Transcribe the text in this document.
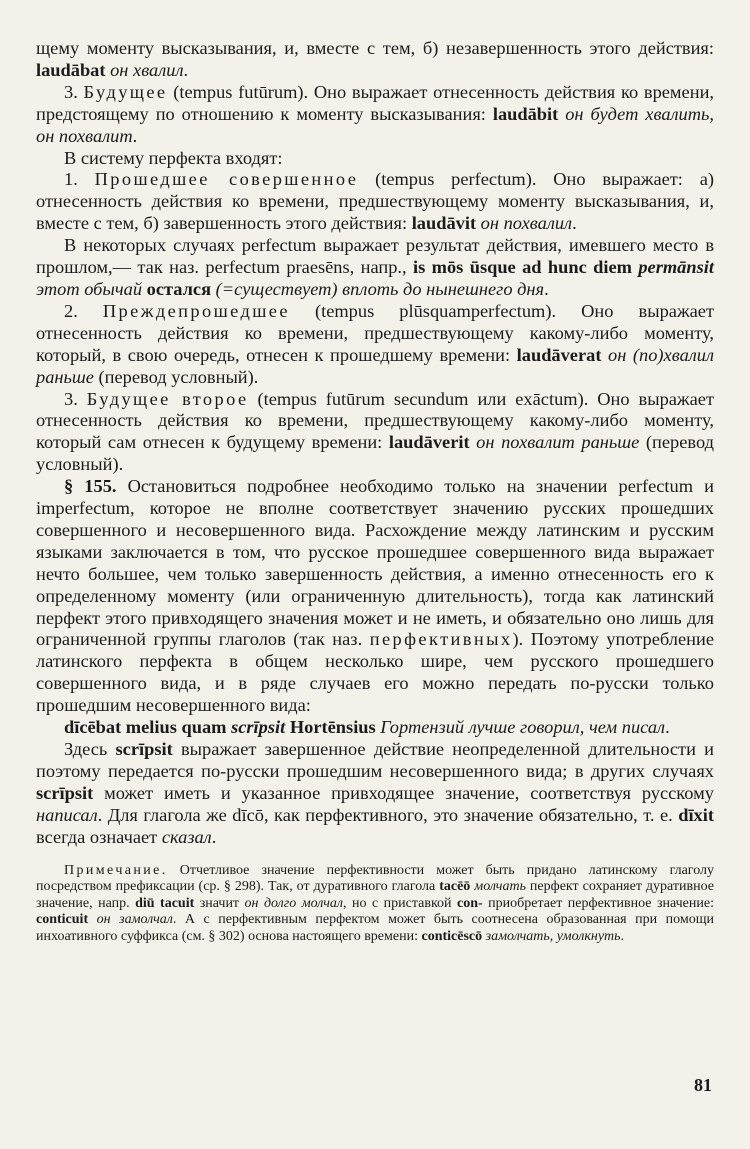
щему моменту высказывания, и, вместе с тем, б) незавершенность этого действия: laudābat он хвалил.

3. Будущее (tempus futūrum). Оно выражает отнесенность действия ко времени, предстоящему по отношению к моменту высказывания: laudābit он будет хвалить, он похвалит.

В систему перфекта входят:

1. Прошедшее совершенное (tempus perfectum). Оно выражает: а) отнесенность действия ко времени, предшествующему моменту высказывания, и, вместе с тем, б) завершенность этого действия: laudāvit он похвалил.

В некоторых случаях perfectum выражает результат действия, имевшего место в прошлом,— так наз. perfectum praesēns, напр., is mōs ūsque ad hunc diem permānsit этот обычай остался (=существует) вплоть до нынешнего дня.

2. Преждепрошедшее (tempus plūsquamperfectum). Оно выражает отнесенность действия ко времени, предшествующему какому-либо моменту, который, в свою очередь, отнесен к прошедшему времени: laudāverat он (по)хвалил раньше (перевод условный).

3. Будущее второе (tempus futūrum secundum или exāctum). Оно выражает отнесенность действия ко времени, предшествующему какому-либо моменту, который сам отнесен к будущему времени: laudāverit он похвалит раньше (перевод условный).

§ 155. Остановиться подробнее необходимо только на значении perfectum и imperfectum, которое не вполне соответствует значению русских прошедших совершенного и несовершенного вида. Расхождение между латинским и русским языками заключается в том, что русское прошедшее совершенного вида выражает нечто большее, чем только завершенность действия, а именно отнесенность его к определенному моменту (или ограниченную длительность), тогда как латинский перфект этого привходящего значения может и не иметь, и обязательно оно лишь для ограниченной группы глаголов (так наз. перфективных). Поэтому употребление латинского перфекта в общем несколько шире, чем русского прошедшего совершенного вида, и в ряде случаев его можно передать по-русски только прошедшим несовершенного вида:

dīcēbat melius quam scrīpsit Hortēnsius Гортензий лучше говорил, чем писал.

Здесь scrīpsit выражает завершенное действие неопределенной длительности и поэтому передается по-русски прошедшим несовершенного вида; в других случаях scrīpsit может иметь и указанное привходящее значение, соответствуя русскому написал. Для глагола же dīcō, как перфективного, это значение обязательно, т. е. dīxit всегда означает сказал.

Примечание. Отчетливое значение перфективности может быть придано латинскому глаголу посредством префиксации (ср. § 298). Так, от дуративного глагола tacēō молчать перфект сохраняет дуративное значение, напр. diū tacuit значит он долго молчал, но с приставкой con- приобретает перфективное значение: conticuit он замолчал. А с перфективным перфектом может быть соотнесена образованная при помощи инхоативного суффикса (см. § 302) основа настоящего времени: conticēscō замолчать, умолкнуть.

81
